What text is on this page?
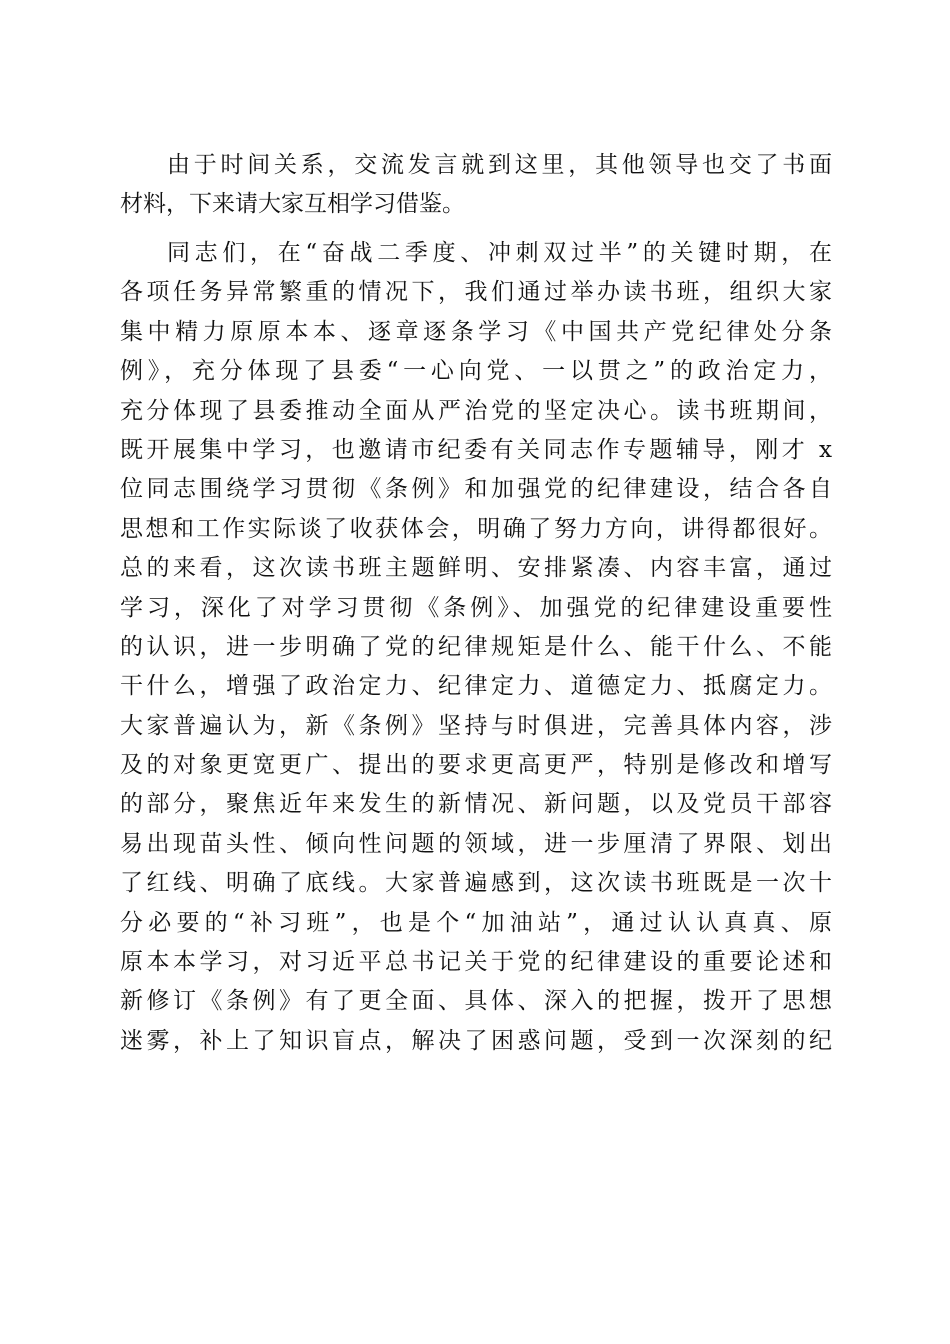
由于时间关系，交流发言就到这里，其他领导也交了书面
材料，下来请大家互相学习借鉴。
同志们，在“奋战二季度、冲刺双过半”的关键时期，在
各项任务异常繁重的情况下，我们通过举办读书班，组织大家
集中精力原原本本、逐章逐条学习《中国共产党纪律处分条
例》，充分体现了县委“一心向党、一以贯之”的政治定力，
充分体现了县委推动全面从严治党的坚定决心。读书班期间，
既开展集中学习，也邀请市纪委有关同志作专题辅导，刚才 x
位同志围绕学习贯彻《条例》和加强党的纪律建设，结合各自
思想和工作实际谈了收获体会，明确了努力方向，讲得都很好。
总的来看，这次读书班主题鲜明、安排紧凑、内容丰富，通过
学习，深化了对学习贯彻《条例》、加强党的纪律建设重要性
的认识，进一步明确了党的纪律规矩是什么、能干什么、不能
干什么，增强了政治定力、纪律定力、道德定力、抵腐定力。
大家普遍认为，新《条例》坚持与时俱进，完善具体内容，涉
及的对象更宽更广、提出的要求更高更严，特别是修改和增写
的部分，聚焦近年来发生的新情况、新问题，以及党员干部容
易出现苗头性、倾向性问题的领域，进一步厘清了界限、划出
了红线、明确了底线。大家普遍感到，这次读书班既是一次十
分必要的“补习班”，也是个“加油站”，通过认认真真、原
原本本学习，对习近平总书记关于党的纪律建设的重要论述和
新修订《条例》有了更全面、具体、深入的把握，拨开了思想
迷雾，补上了知识盲点，解决了困惑问题，受到一次深刻的纪
